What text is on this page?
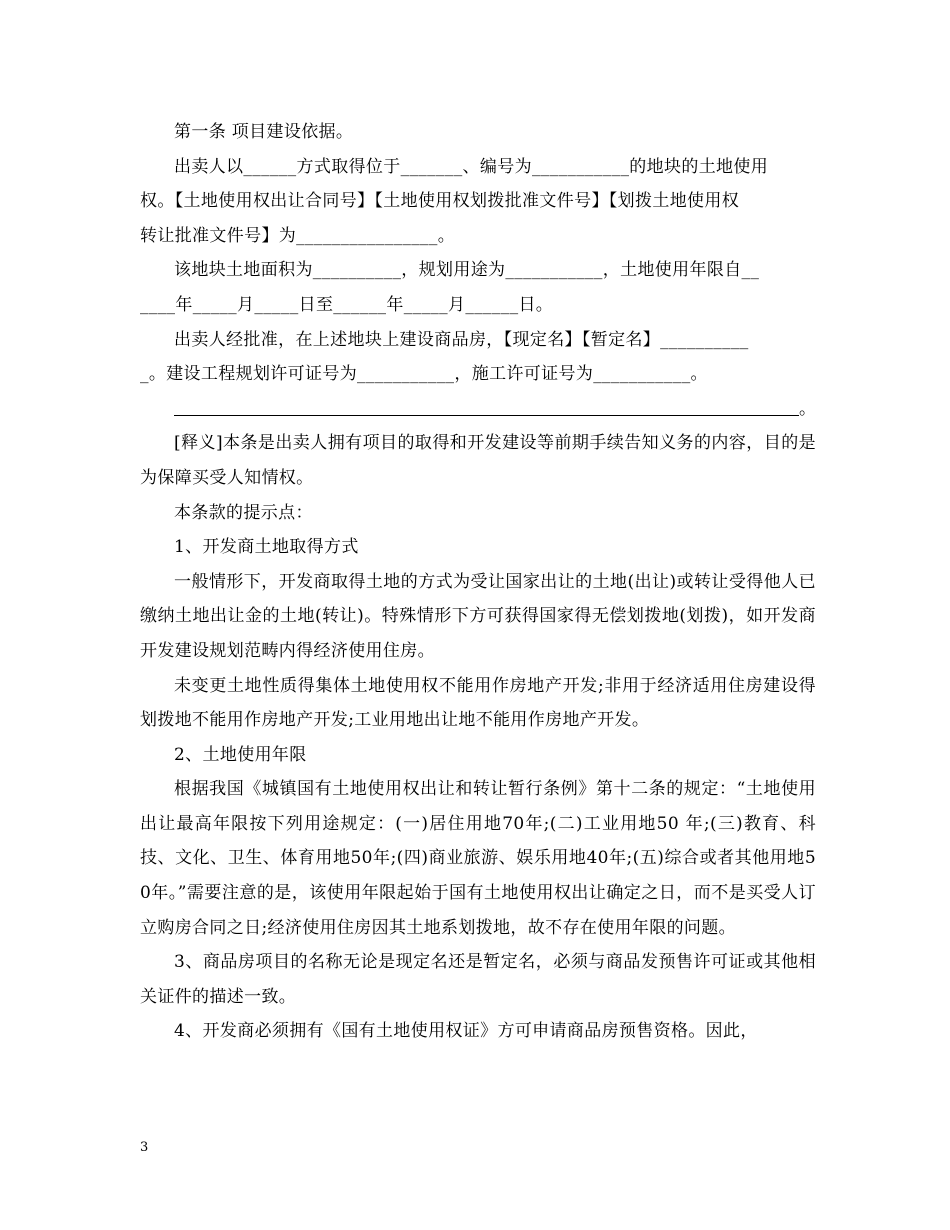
第一条 项目建设依据。
出卖人以______方式取得位于_______、编号为___________的地块的土地使用
权。【土地使用权出让合同号】【土地使用权划拨批准文件号】【划拨土地使用权
转让批准文件号】为________________。
该地块土地面积为__________，规划用途为___________，土地使用年限自__
____年_____月_____日至______年_____月______日。
出卖人经批准，在上述地块上建设商品房，【现定名】【暂定名】__________
_。建设工程规划许可证号为___________，施工许可证号为___________。
。

[释义]本条是出卖人拥有项目的取得和开发建设等前期手续告知义务的内容，目的是为保障买受人知情权。

本条款的提示点：

1、开发商土地取得方式

一般情形下，开发商取得土地的方式为受让国家出让的土地(出让)或转让受得他人已缴纳土地出让金的土地(转让)。特殊情形下方可获得国家得无偿划拨地(划拨)，如开发商开发建设规划范畴内得经济使用住房。

未变更土地性质得集体土地使用权不能用作房地产开发;非用于经济适用住房建设得划拨地不能用作房地产开发;工业用地出让地不能用作房地产开发。

2、土地使用年限

根据我国《城镇国有土地使用权出让和转让暂行条例》第十二条的规定：“土地使用出让最高年限按下列用途规定：(一)居住用地70年;(二)工业用地50 年;(三)教育、科技、文化、卫生、体育用地50年;(四)商业旅游、娱乐用地40年;(五)综合或者其他用地50年。”需要注意的是，该使用年限起始于国有土地使用权出让确定之日，而不是买受人订立购房合同之日;经济使用住房因其土地系划拨地，故不存在使用年限的问题。

3、商品房项目的名称无论是现定名还是暂定名，必须与商品发预售许可证或其他相关证件的描述一致。

4、开发商必须拥有《国有土地使用权证》方可申请商品房预售资格。因此，

3
